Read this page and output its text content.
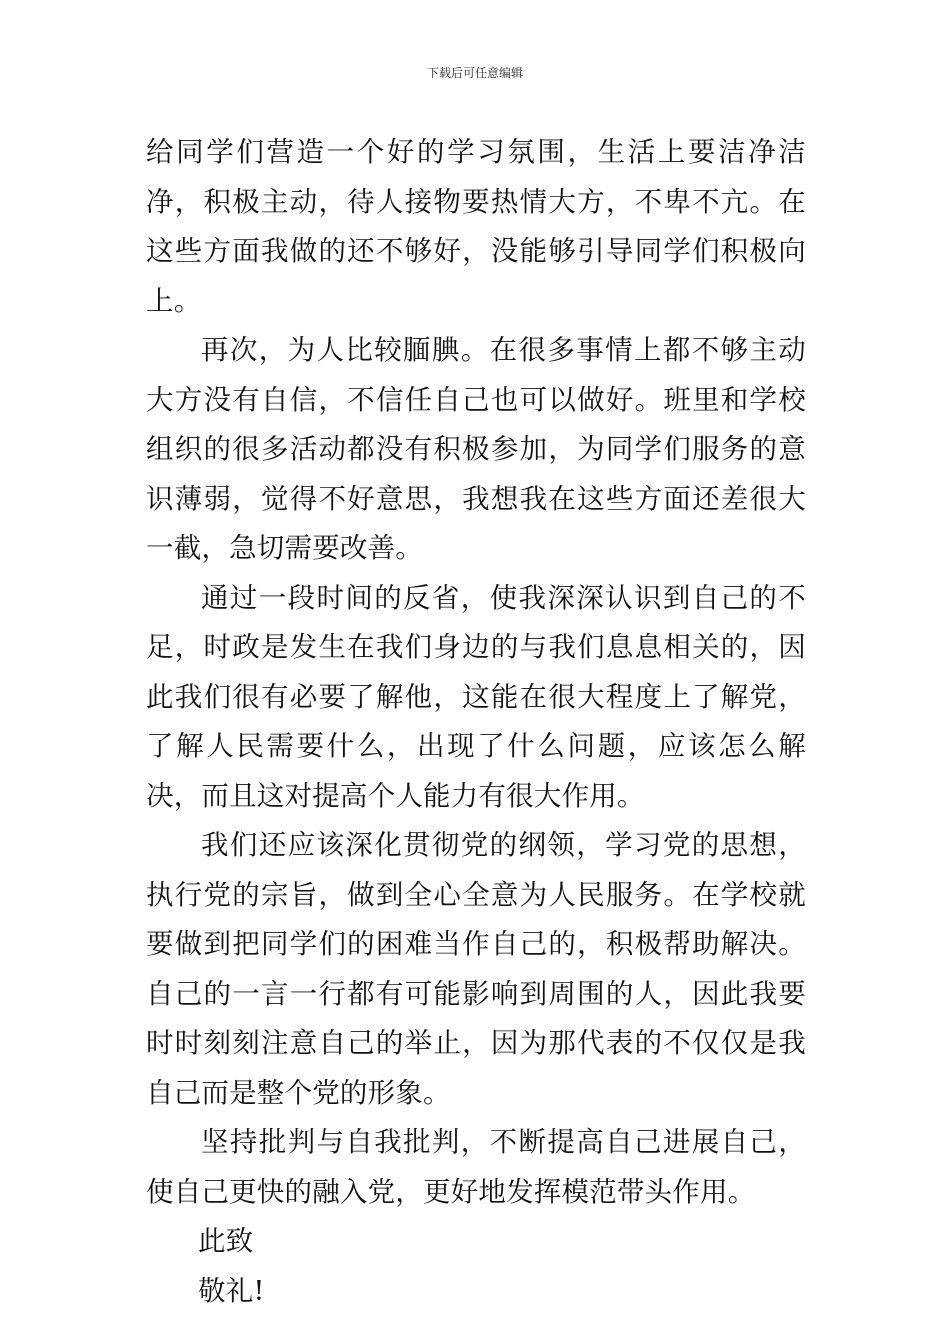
下载后可任意编辑

给同学们营造一个好的学习氛围，生活上要洁净洁净，积极主动，待人接物要热情大方，不卑不亢。在这些方面我做的还不够好，没能够引导同学们积极向上。

再次，为人比较腼腆。在很多事情上都不够主动大方没有自信，不信任自己也可以做好。班里和学校组织的很多活动都没有积极参加，为同学们服务的意识薄弱，觉得不好意思，我想我在这些方面还差很大一截，急切需要改善。

通过一段时间的反省，使我深深认识到自己的不足，时政是发生在我们身边的与我们息息相关的，因此我们很有必要了解他，这能在很大程度上了解党，了解人民需要什么，出现了什么问题，应该怎么解决，而且这对提高个人能力有很大作用。

我们还应该深化贯彻党的纲领，学习党的思想，执行党的宗旨，做到全心全意为人民服务。在学校就要做到把同学们的困难当作自己的，积极帮助解决。自己的一言一行都有可能影响到周围的人，因此我要时时刻刻注意自己的举止，因为那代表的不仅仅是我自己而是整个党的形象。

坚持批判与自我批判，不断提高自己进展自己，使自己更快的融入党，更好地发挥模范带头作用。

此致

敬礼!
